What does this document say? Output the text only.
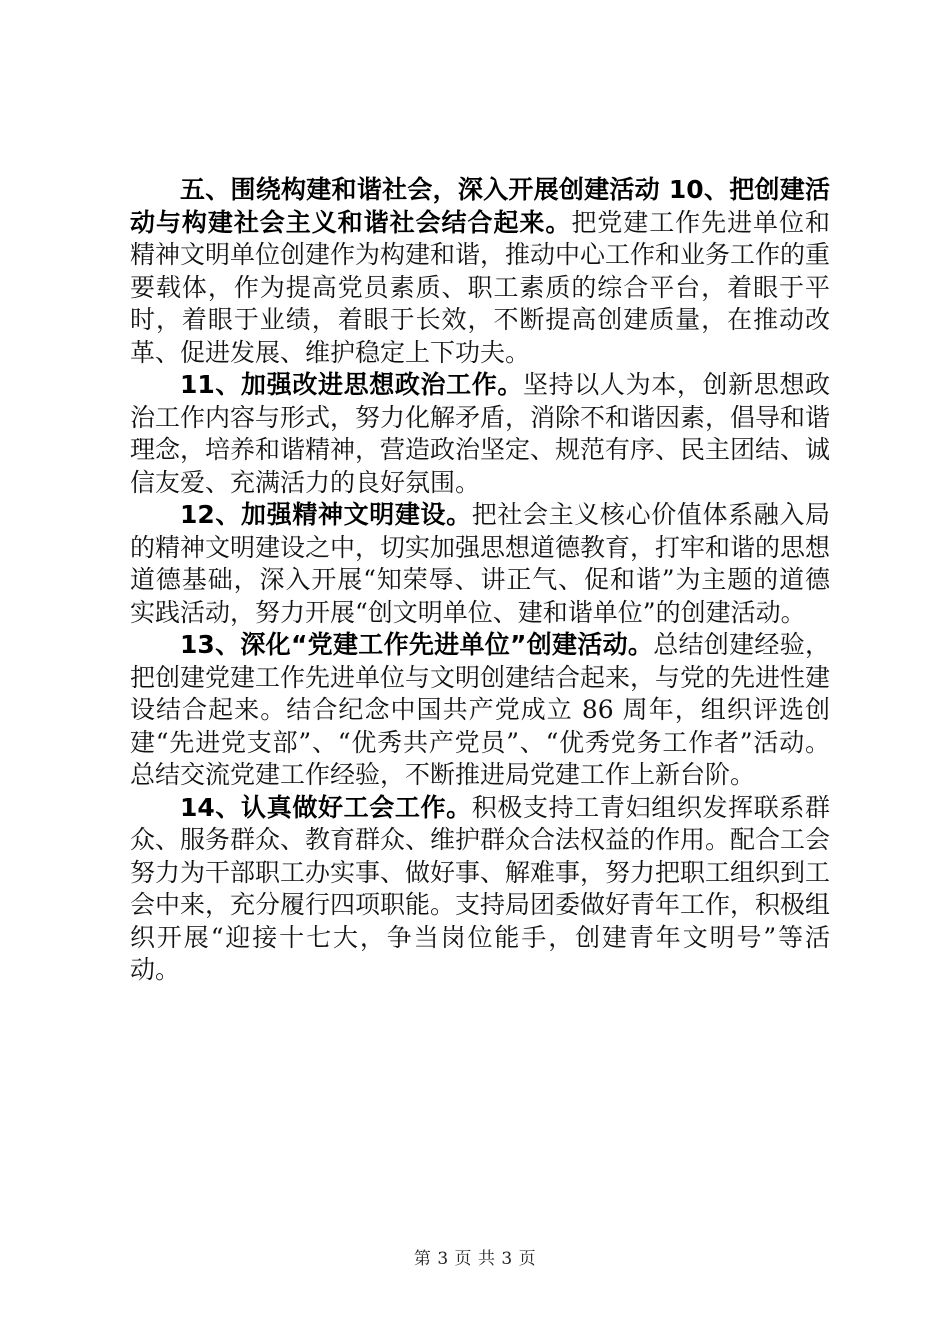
五、围绕构建和谐社会，深入开展创建活动 10、把创建活动与构建社会主义和谐社会结合起来。把党建工作先进单位和精神文明单位创建作为构建和谐，推动中心工作和业务工作的重要载体，作为提高党员素质、职工素质的综合平台，着眼于平时，着眼于业绩，着眼于长效，不断提高创建质量，在推动改革、促进发展、维护稳定上下功夫。

11、加强改进思想政治工作。坚持以人为本，创新思想政治工作内容与形式，努力化解矛盾，消除不和谐因素，倡导和谐理念，培养和谐精神，营造政治坚定、规范有序、民主团结、诚信友爱、充满活力的良好氛围。

12、加强精神文明建设。把社会主义核心价值体系融入局的精神文明建设之中，切实加强思想道德教育，打牢和谐的思想道德基础，深入开展“知荣辱、讲正气、促和谐”为主题的道德实践活动，努力开展“创文明单位、建和谐单位”的创建活动。

13、深化“党建工作先进单位”创建活动。总结创建经验，把创建党建工作先进单位与文明创建结合起来，与党的先进性建设结合起来。结合纪念中国共产党成立 86 周年，组织评选创建“先进党支部”、“优秀共产党员”、“优秀党务工作者”活动。总结交流党建工作经验，不断推进局党建工作上新台阶。

14、认真做好工会工作。积极支持工青妇组织发挥联系群众、服务群众、教育群众、维护群众合法权益的作用。配合工会努力为干部职工办实事、做好事、解难事，努力把职工组织到工会中来，充分履行四项职能。支持局团委做好青年工作，积极组织开展“迎接十七大，争当岗位能手，创建青年文明号”等活动。

第 3 页 共 3 页
